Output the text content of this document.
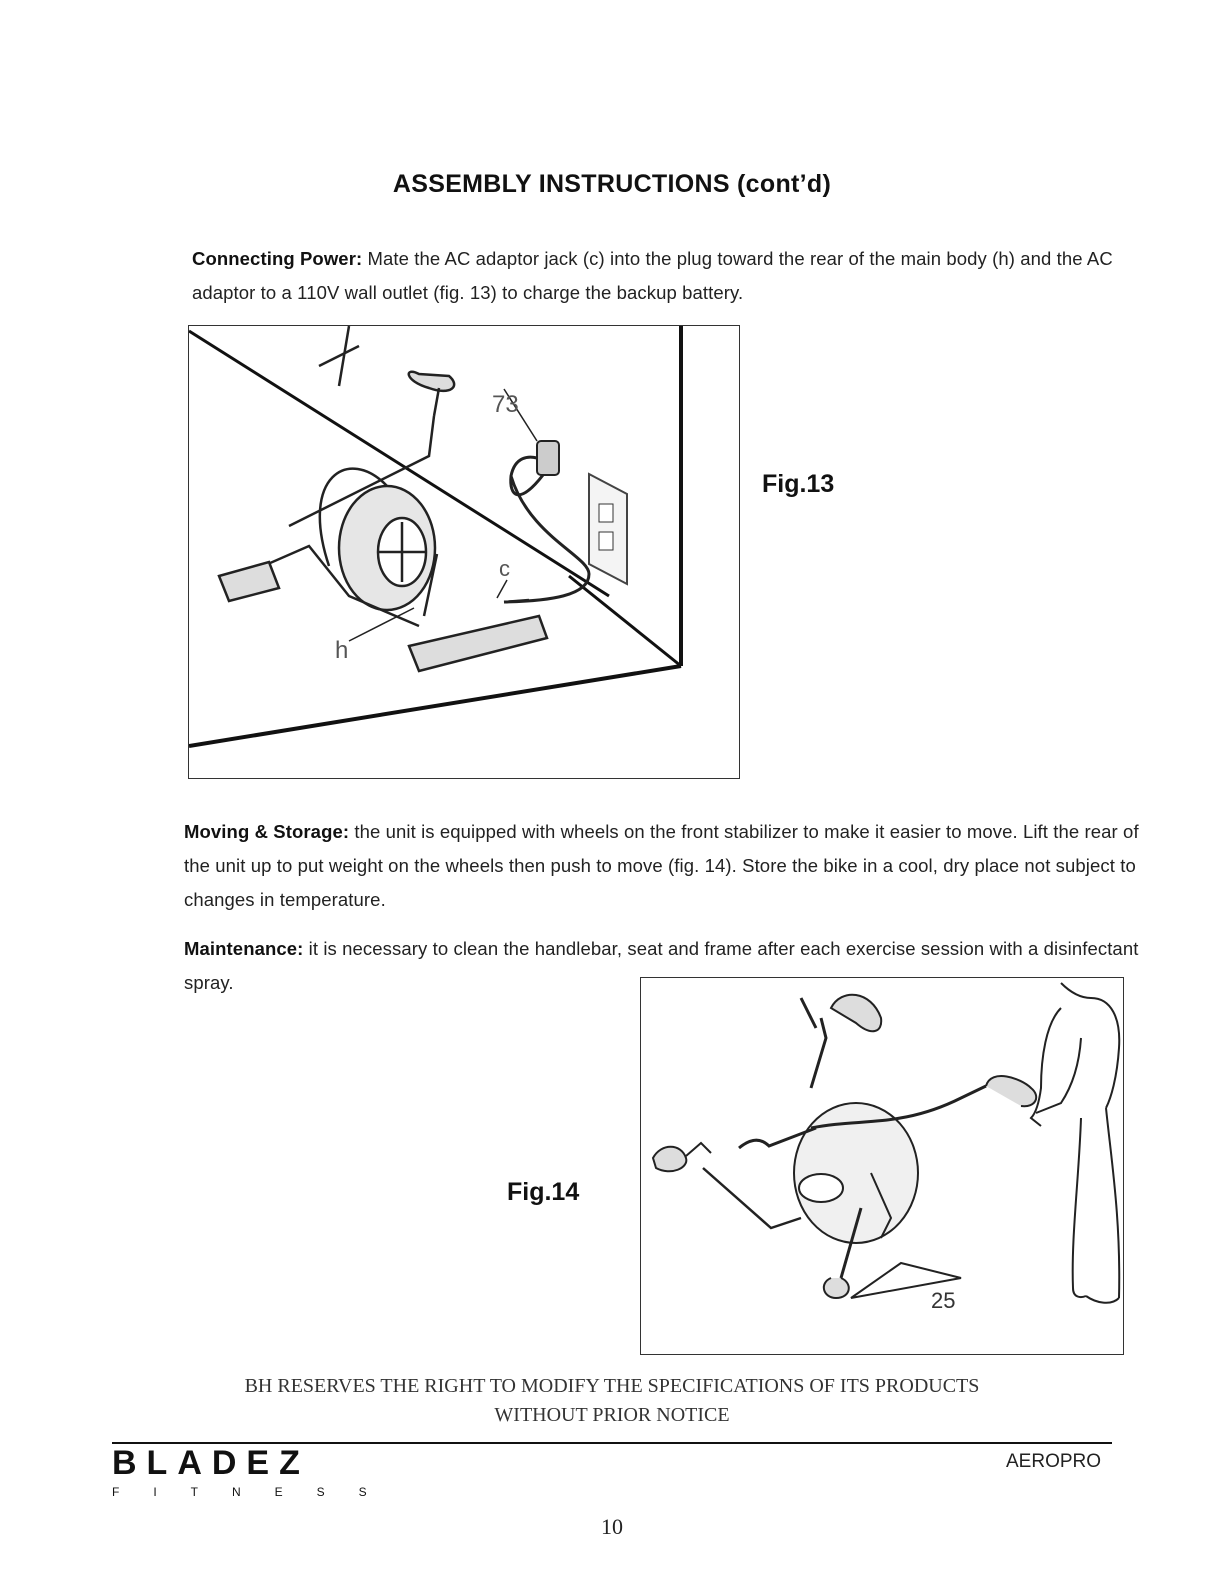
ASSEMBLY INSTRUCTIONS (cont’d)
Connecting Power: Mate the AC adaptor jack (c) into the plug toward the rear of the main body (h) and the AC adaptor to a 110V wall outlet (fig. 13) to charge the backup battery.
73
c
h
Fig.13
Moving & Storage: the unit is equipped with wheels on the front stabilizer to make it easier to move. Lift the rear of the unit up to put weight on the wheels then push to move (fig. 14). Store the bike in a cool, dry place not subject to changes in temperature.
Maintenance: it is necessary to clean the handlebar, seat and frame after each exercise session with a disinfectant spray.
25
Fig.14
BH RESERVES THE RIGHT TO MODIFY THE SPECIFICATIONS OF ITS PRODUCTS
WITHOUT PRIOR NOTICE
BLADEZ
FITNESS
AEROPRO
10
